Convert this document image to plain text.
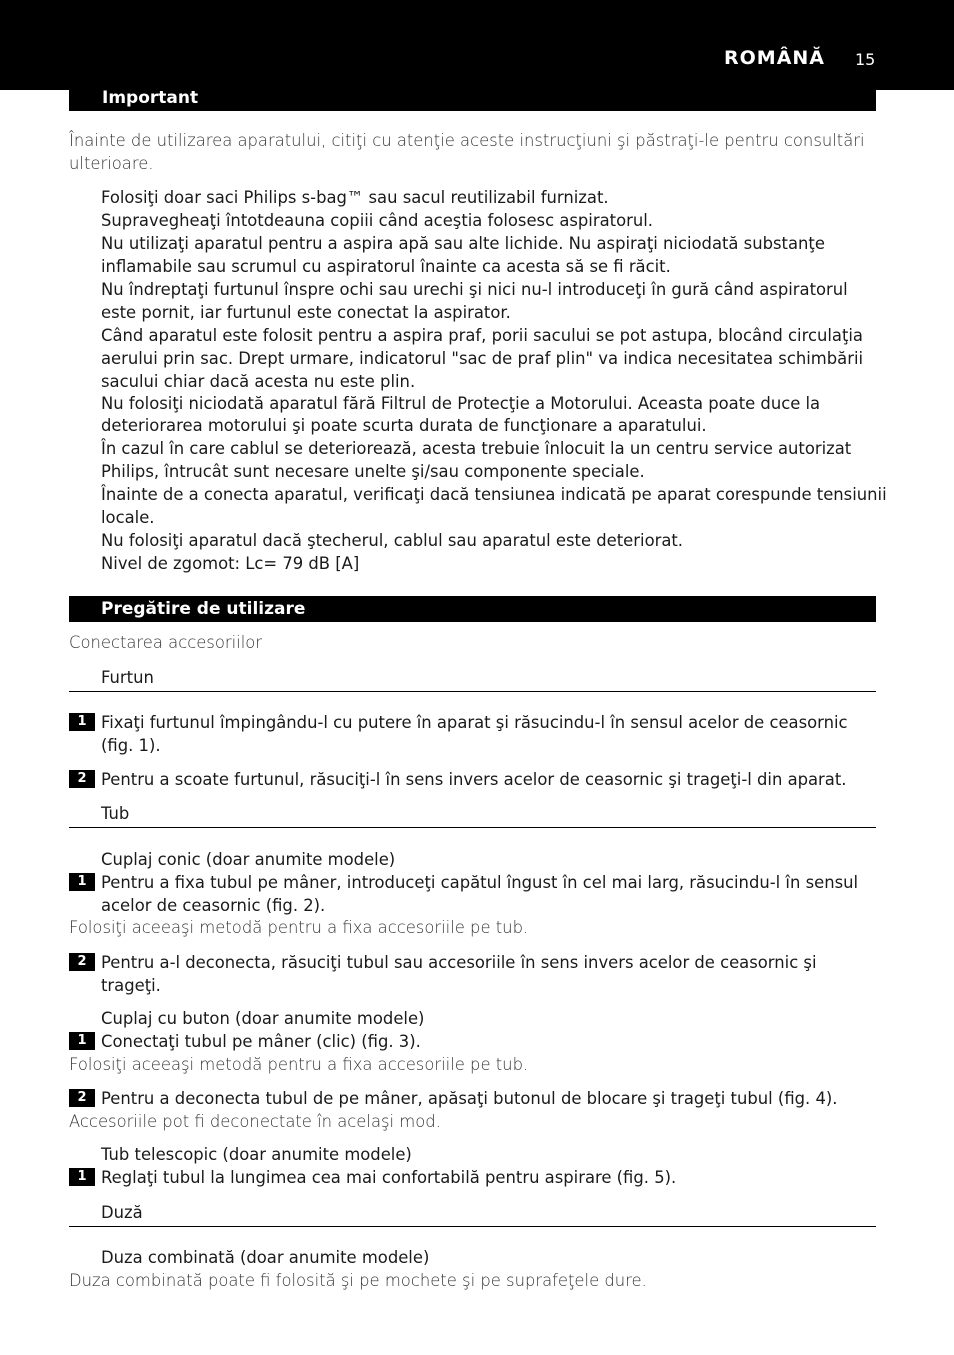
ROMÂNĂ 15
Important
Înainte de utilizarea aparatului, citiţi cu atenţie aceste instrucţiuni şi păstraţi-le pentru consultări
ulterioare.
Folosiţi doar saci Philips s-bag™ sau sacul reutilizabil furnizat.
Supravegheaţi întotdeauna copiii când aceştia folosesc aspiratorul.
Nu utilizaţi aparatul pentru a aspira apă sau alte lichide. Nu aspiraţi niciodată substanţe
inflamabile sau scrumul cu aspiratorul înainte ca acesta să se fi răcit.
Nu îndreptaţi furtunul înspre ochi sau urechi şi nici nu-l introduceţi în gură când aspiratorul
este pornit, iar furtunul este conectat la aspirator.
Când aparatul este folosit pentru a aspira praf, porii sacului se pot astupa, blocând circulaţia
aerului prin sac. Drept urmare, indicatorul "sac de praf plin" va indica necesitatea schimbării
sacului chiar dacă acesta nu este plin.
Nu folosiţi niciodată aparatul fără Filtrul de Protecţie a Motorului. Aceasta poate duce la
deteriorarea motorului şi poate scurta durata de funcţionare a aparatului.
În cazul în care cablul se deteriorează, acesta trebuie înlocuit la un centru service autorizat
Philips, întrucât sunt necesare unelte şi/sau componente speciale.
Înainte de a conecta aparatul, verificaţi dacă tensiunea indicată pe aparat corespunde tensiunii
locale.
Nu folosiţi aparatul dacă ştecherul, cablul sau aparatul este deteriorat.
Nivel de zgomot: Lc= 79 dB [A]
Pregătire de utilizare
Conectarea accesoriilor
Furtun
1 Fixaţi furtunul împingându-l cu putere în aparat şi răsucindu-l în sensul acelor de ceasornic
(fig. 1).
2 Pentru a scoate furtunul, răsuciţi-l în sens invers acelor de ceasornic şi trageţi-l din aparat.
Tub
Cuplaj conic (doar anumite modele)
1 Pentru a fixa tubul pe mâner, introduceţi capătul îngust în cel mai larg, răsucindu-l în sensul
acelor de ceasornic (fig. 2).
Folosiţi aceeaşi metodă pentru a fixa accesoriile pe tub.
2 Pentru a-l deconecta, răsuciţi tubul sau accesoriile în sens invers acelor de ceasornic şi
trageţi.
Cuplaj cu buton (doar anumite modele)
1 Conectaţi tubul pe mâner (clic) (fig. 3).
Folosiţi aceeaşi metodă pentru a fixa accesoriile pe tub.
2 Pentru a deconecta tubul de pe mâner, apăsaţi butonul de blocare şi trageţi tubul (fig. 4).
Accesoriile pot fi deconectate în acelaşi mod.
Tub telescopic (doar anumite modele)
1 Reglaţi tubul la lungimea cea mai confortabilă pentru aspirare (fig. 5).
Duză
Duza combinată (doar anumite modele)
Duza combinată poate fi folosită şi pe mochete şi pe suprafeţele dure.
